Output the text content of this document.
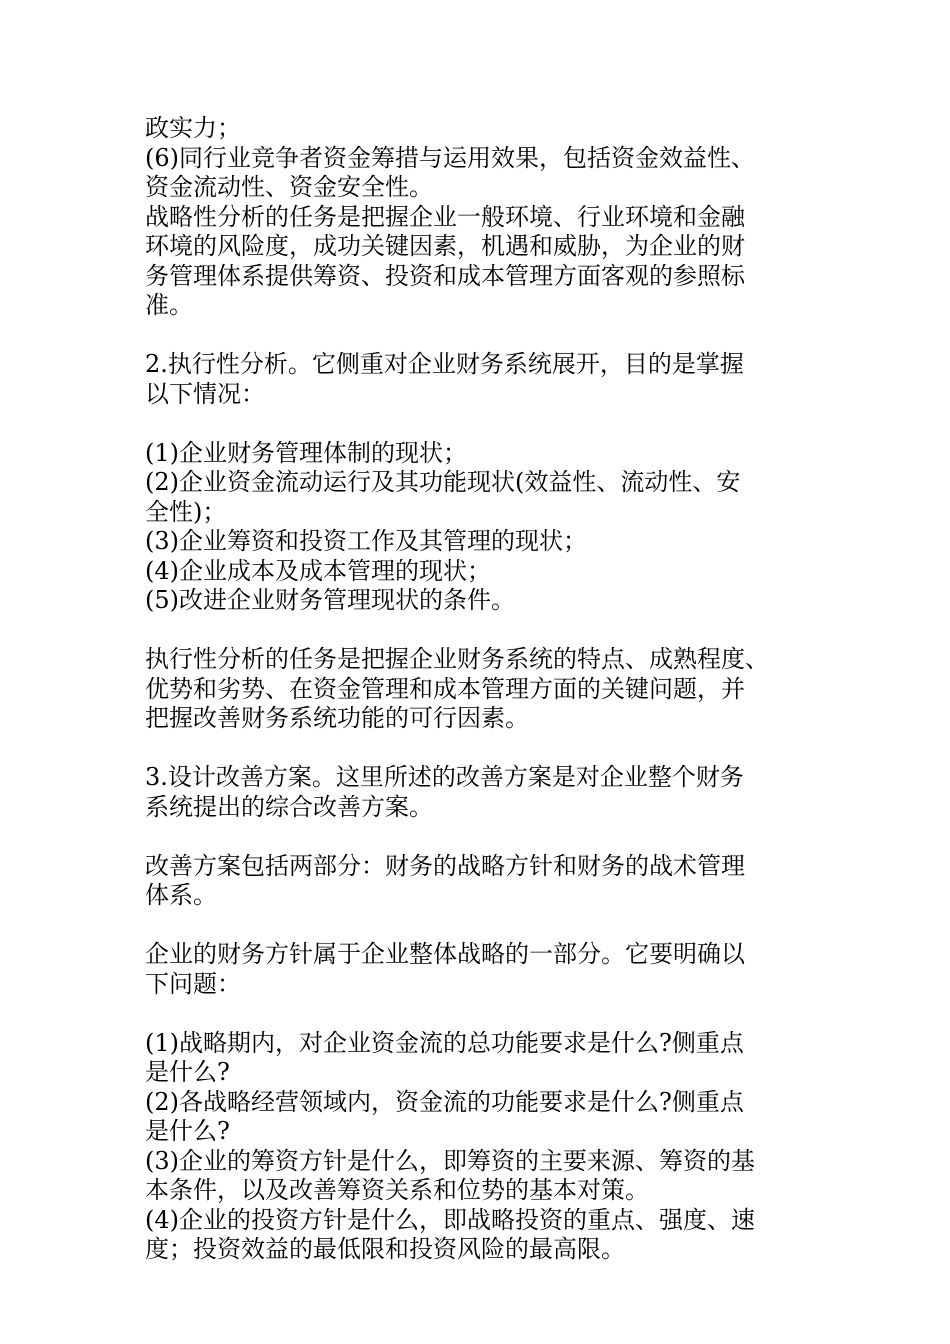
政实力；
(6)同行业竞争者资金筹措与运用效果，包括资金效益性、
资金流动性、资金安全性。
战略性分析的任务是把握企业一般环境、行业环境和金融
环境的风险度，成功关键因素，机遇和威胁，为企业的财
务管理体系提供筹资、投资和成本管理方面客观的参照标
准。
2.执行性分析。它侧重对企业财务系统展开，目的是掌握
以下情况：
(1)企业财务管理体制的现状；
(2)企业资金流动运行及其功能现状(效益性、流动性、安
全性)；
(3)企业筹资和投资工作及其管理的现状；
(4)企业成本及成本管理的现状；
(5)改进企业财务管理现状的条件。
执行性分析的任务是把握企业财务系统的特点、成熟程度、
优势和劣势、在资金管理和成本管理方面的关键问题，并
把握改善财务系统功能的可行因素。
3.设计改善方案。这里所述的改善方案是对企业整个财务
系统提出的综合改善方案。
改善方案包括两部分：财务的战略方针和财务的战术管理
体系。
企业的财务方针属于企业整体战略的一部分。它要明确以
下问题：
(1)战略期内，对企业资金流的总功能要求是什么?侧重点
是什么?
(2)各战略经营领域内，资金流的功能要求是什么?侧重点
是什么?
(3)企业的筹资方针是什么，即筹资的主要来源、筹资的基
本条件，以及改善筹资关系和位势的基本对策。
(4)企业的投资方针是什么，即战略投资的重点、强度、速
度；投资效益的最低限和投资风险的最高限。
